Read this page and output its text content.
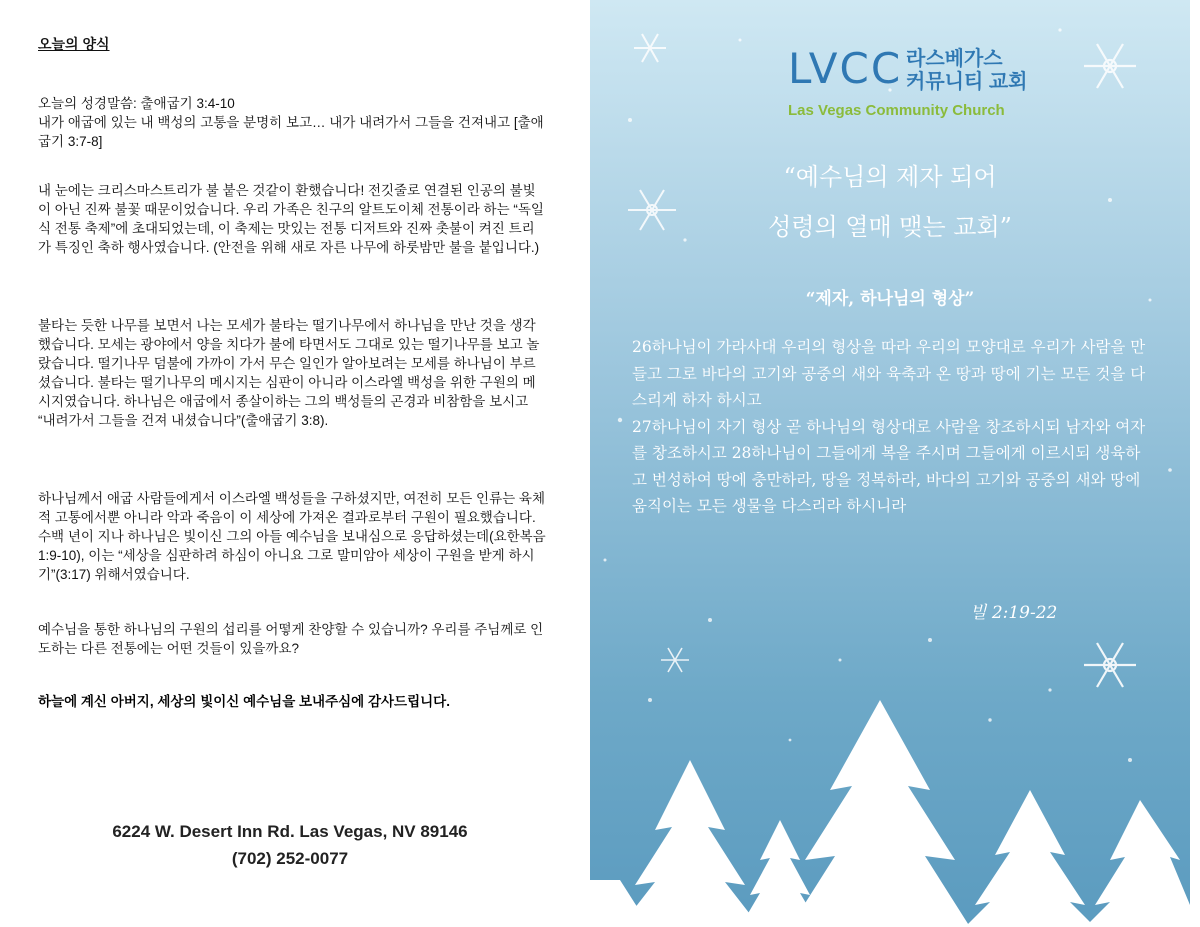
오늘의 양식

오늘의 성경말씀: 출애굽기 3:4-10
내가 애굽에 있는 내 백성의 고통을 분명히 보고… 내가 내려가서 그들을 건져내고 [출애굽기 3:7-8]

내 눈에는 크리스마스트리가 불 붙은 것같이 환했습니다! 전깃줄로 연결된 인공의 불빛이 아닌 진짜 불꽃 때문이었습니다. 우리 가족은 친구의 알트도이체 전통이라 하는 “독일식 전통 축제”에 초대되었는데, 이 축제는 맛있는 전통 디저트와 진짜 촛불이 켜진 트리가 특징인 축하 행사였습니다. (안전을 위해 새로 자른 나무에 하룻밤만 불을 붙입니다.)

불타는 듯한 나무를 보면서 나는 모세가 불타는 떨기나무에서 하나님을 만난 것을 생각했습니다. 모세는 광야에서 양을 치다가 불에 타면서도 그대로 있는 떨기나무를 보고 놀랐습니다. 떨기나무 덤불에 가까이 가서 무슨 일인가 알아보려는 모세를 하나님이 부르셨습니다. 불타는 떨기나무의 메시지는 심판이 아니라 이스라엘 백성을 위한 구원의 메시지였습니다. 하나님은 애굽에서 종살이하는 그의 백성들의 곤경과 비참함을 보시고 “내려가서 그들을 건져 내셨습니다”(출애굽기 3:8).

하나님께서 애굽 사람들에게서 이스라엘 백성들을 구하셨지만, 여전히 모든 인류는 육체적 고통에서뿐 아니라 악과 죽음이 이 세상에 가져온 결과로부터 구원이 필요했습니다. 수백 년이 지나 하나님은 빛이신 그의 아들 예수님을 보내심으로 응답하셨는데(요한복음 1:9-10), 이는 “세상을 심판하려 하심이 아니요 그로 말미암아 세상이 구원을 받게 하시기”(3:17) 위해서였습니다.

예수님을 통한 하나님의 구원의 섭리를 어떻게 찬양할 수 있습니까? 우리를 주님께로 인도하는 다른 전통에는 어떤 것들이 있을까요?

하늘에 계신 아버지, 세상의 빛이신 예수님을 보내주심에 감사드립니다.
6224 W. Desert Inn Rd. Las Vegas, NV 89146
(702) 252-0077
LVCC 라스베가스
커뮤니티 교회
Las Vegas Community Church
“예수님의 제자 되어
성령의 열매 맺는 교회”
“제자, 하나님의 형상”

26하나님이 가라사대 우리의 형상을 따라 우리의 모양대로 우리가 사람을 만들고 그로 바다의 고기와 공중의 새와 육축과 온 땅과 땅에 기는 모든 것을 다스리게 하자 하시고
27하나님이 자기 형상 곧 하나님의 형상대로 사람을 창조하시되 남자와 여자를 창조하시고 28하나님이 그들에게 복을 주시며 그들에게 이르시되 생육하고 번성하여 땅에 충만하라, 땅을 정복하라, 바다의 고기와 공중의 새와 땅에 움직이는 모든 생물을 다스리라 하시니라

빌 2:19-22
